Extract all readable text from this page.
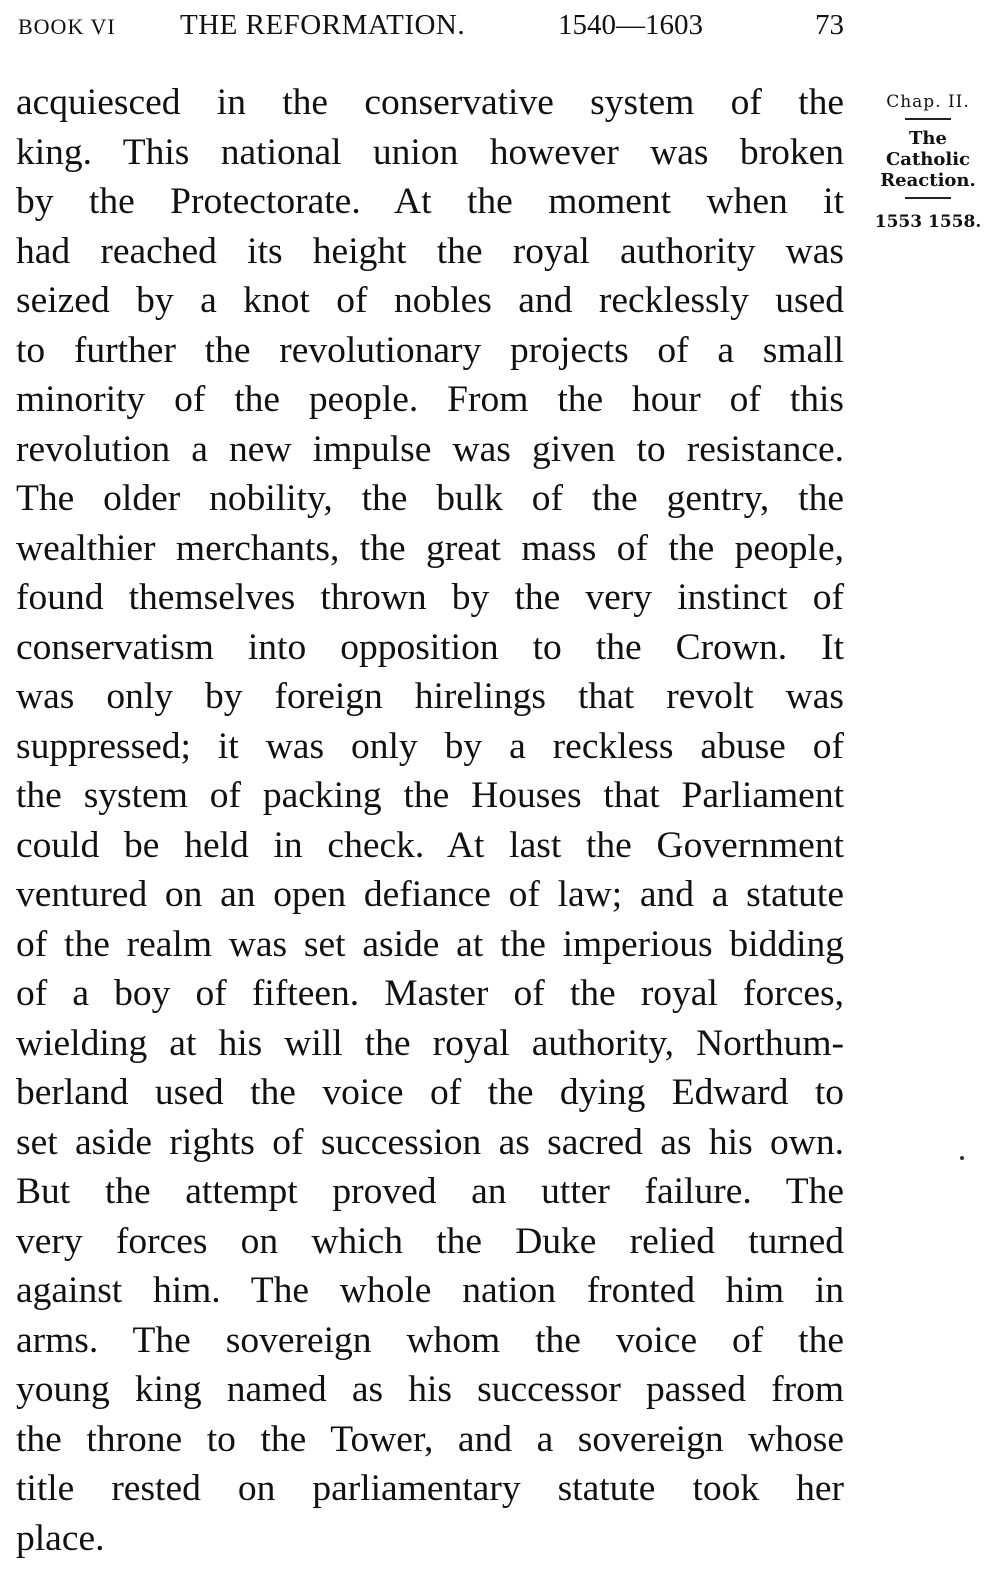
BOOK VI THE REFORMATION.	1540—1603	73
acquiesced in the conservative system of the
king. This national union however was broken
by the Protectorate. At the moment when it
had reached its height the royal authority was
seized by a knot of nobles and recklessly used
to further the revolutionary projects of a small
minority of the people. From the hour of this
revolution a new impulse was given to resistance.
The older nobility, the bulk of the gentry, the
wealthier merchants, the great mass of the people,
found themselves thrown by the very instinct of
conservatism into opposition to the Crown. It
was only by foreign hirelings that revolt was
suppressed; it was only by a reckless abuse of
the system of packing the Houses that Parliament
could be held in check. At last the Government
ventured on an open defiance of law; and a statute
of the realm was set aside at the imperious bidding
of a boy of fifteen. Master of the royal forces,
wielding at his will the royal authority, Northum-
berland used the voice of the dying Edward to
set aside rights of succession as sacred as his own.
But the attempt proved an utter failure. The
very forces on which the Duke relied turned
against him. The whole nation fronted him in
arms. The sovereign whom the voice of the
young king named as his successor passed from
the throne to the Tower, and a sovereign whose
title rested on parliamentary statute took her
place.
Chap. II.
The
Catholic
Reaction.
1553 1558.
